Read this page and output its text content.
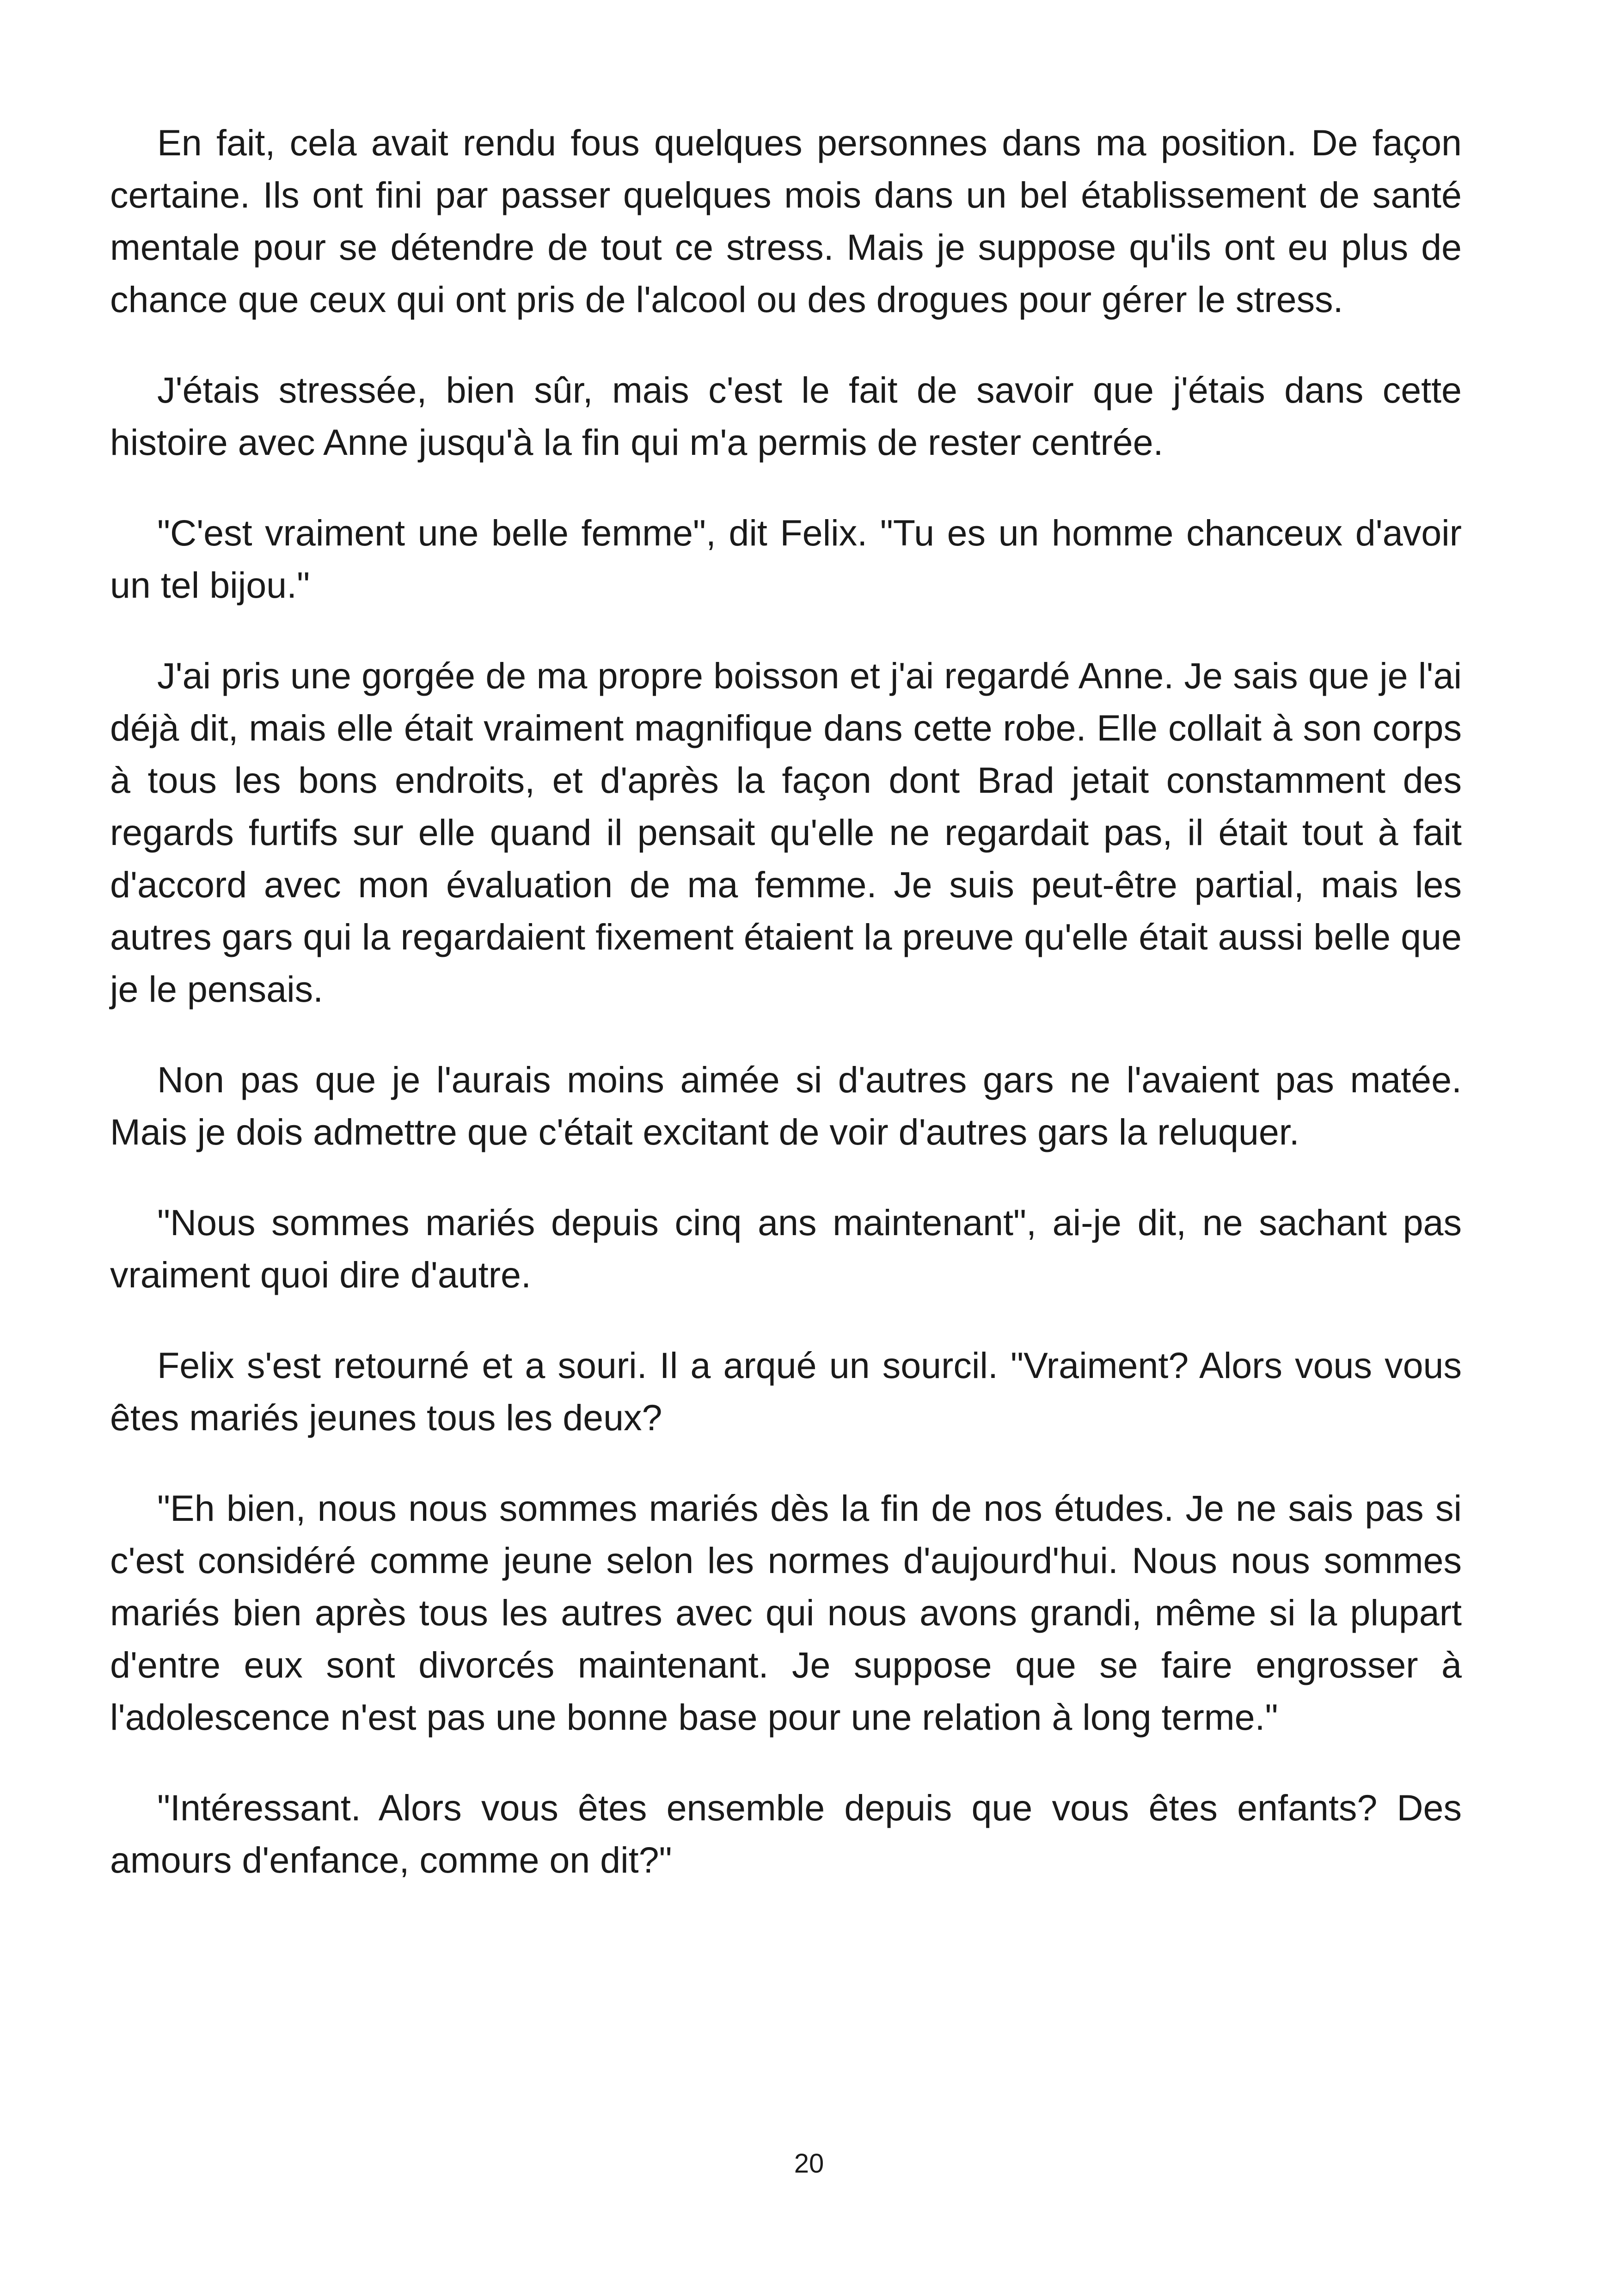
En fait, cela avait rendu fous quelques personnes dans ma position. De façon certaine. Ils ont fini par passer quelques mois dans un bel établissement de santé mentale pour se détendre de tout ce stress. Mais je suppose qu'ils ont eu plus de chance que ceux qui ont pris de l'alcool ou des drogues pour gérer le stress.

J'étais stressée, bien sûr, mais c'est le fait de savoir que j'étais dans cette histoire avec Anne jusqu'à la fin qui m'a permis de rester centrée.

"C'est vraiment une belle femme", dit Felix. "Tu es un homme chanceux d'avoir un tel bijou."

J'ai pris une gorgée de ma propre boisson et j'ai regardé Anne. Je sais que je l'ai déjà dit, mais elle était vraiment magnifique dans cette robe. Elle collait à son corps à tous les bons endroits, et d'après la façon dont Brad jetait constamment des regards furtifs sur elle quand il pensait qu'elle ne regardait pas, il était tout à fait d'accord avec mon évaluation de ma femme. Je suis peut-être partial, mais les autres gars qui la regardaient fixement étaient la preuve qu'elle était aussi belle que je le pensais.

Non pas que je l'aurais moins aimée si d'autres gars ne l'avaient pas matée. Mais je dois admettre que c'était excitant de voir d'autres gars la reluquer.

"Nous sommes mariés depuis cinq ans maintenant", ai-je dit, ne sachant pas vraiment quoi dire d'autre.

Felix s'est retourné et a souri. Il a arqué un sourcil. "Vraiment? Alors vous vous êtes mariés jeunes tous les deux?

"Eh bien, nous nous sommes mariés dès la fin de nos études. Je ne sais pas si c'est considéré comme jeune selon les normes d'aujourd'hui. Nous nous sommes mariés bien après tous les autres avec qui nous avons grandi, même si la plupart d'entre eux sont divorcés maintenant. Je suppose que se faire engrosser à l'adolescence n'est pas une bonne base pour une relation à long terme."

"Intéressant. Alors vous êtes ensemble depuis que vous êtes enfants? Des amours d'enfance, comme on dit?"

20
